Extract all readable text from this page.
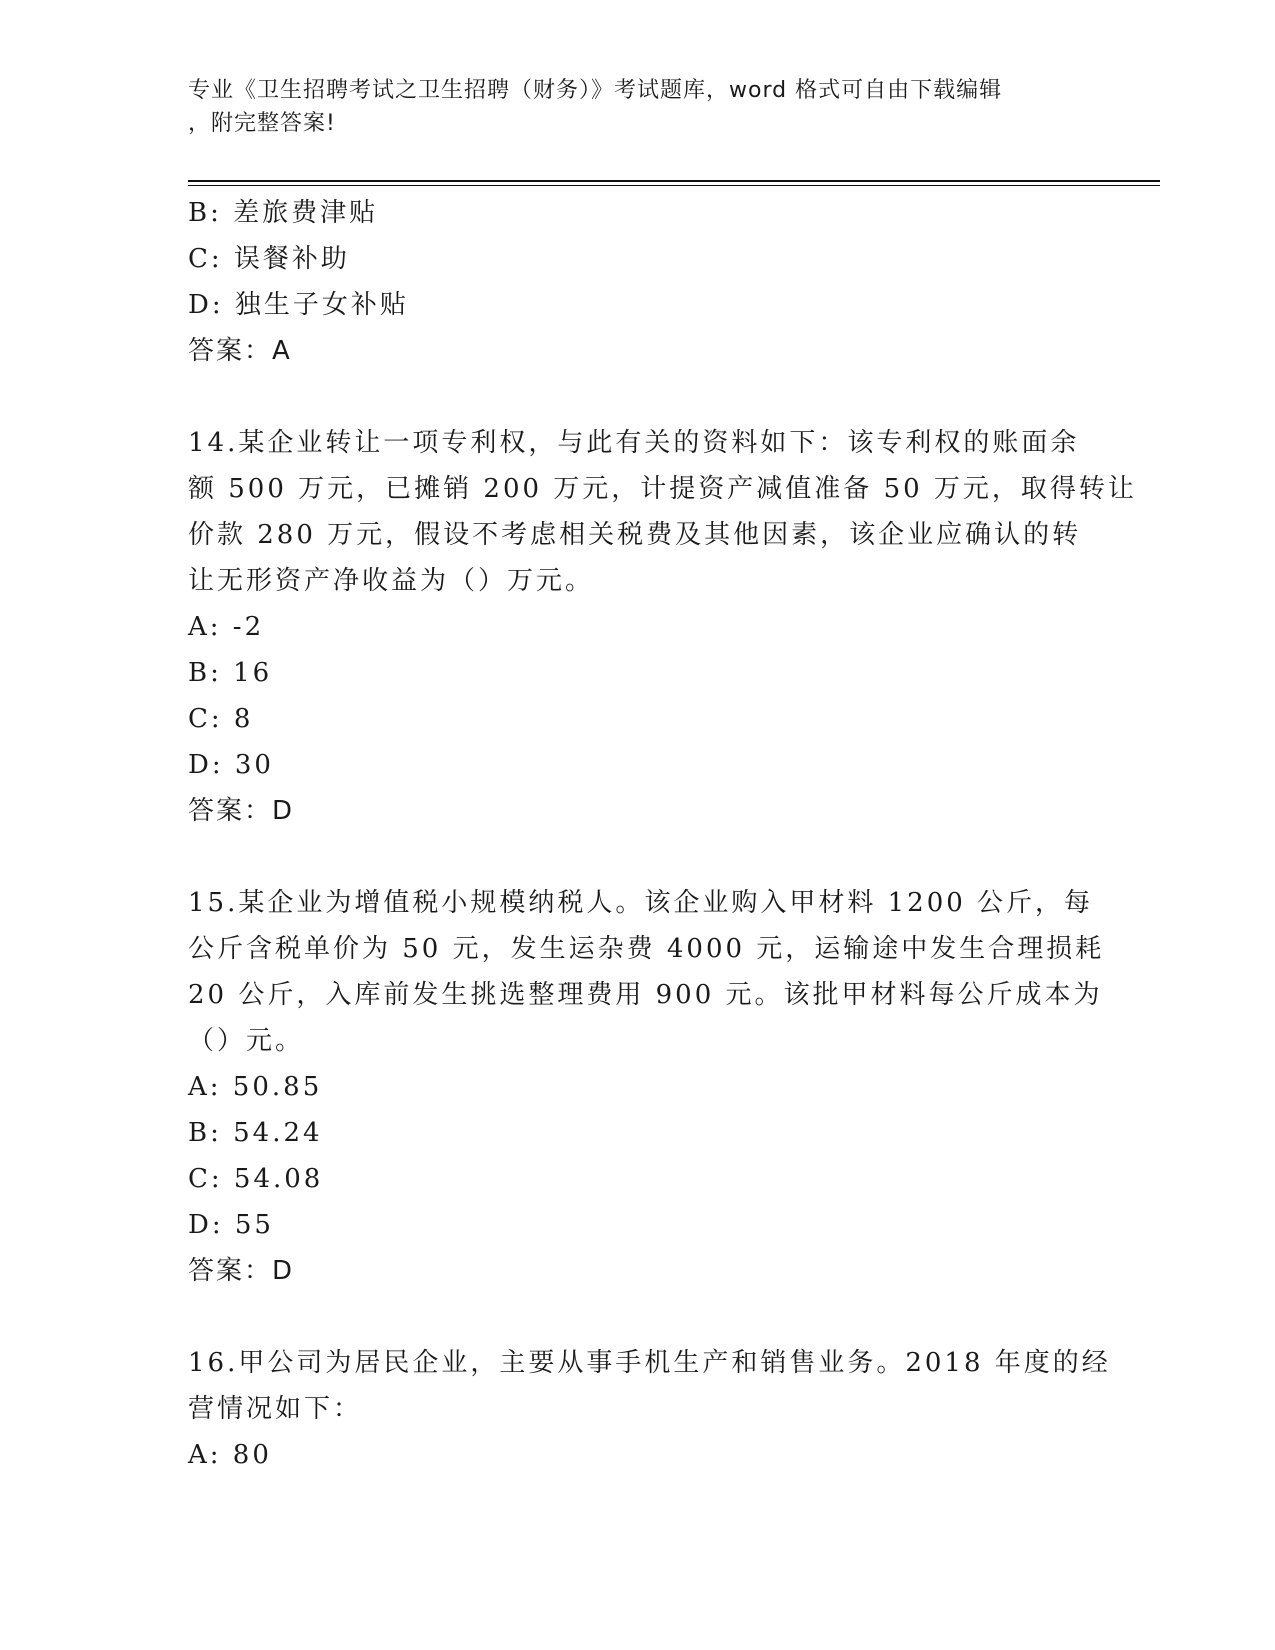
专业《卫生招聘考试之卫生招聘（财务）》考试题库，word 格式可自由下载编辑
，附完整答案!
B: 差旅费津贴
C: 误餐补助
D: 独生子女补贴
答案：A
14.某企业转让一项专利权，与此有关的资料如下：该专利权的账面余
额 500 万元，已摊销 200 万元，计提资产减值准备 50 万元，取得转让
价款 280 万元，假设不考虑相关税费及其他因素，该企业应确认的转
让无形资产净收益为（）万元。
A: -2
B: 16
C: 8
D: 30
答案：D
15.某企业为增值税小规模纳税人。该企业购入甲材料 1200 公斤，每
公斤含税单价为 50 元，发生运杂费 4000 元，运输途中发生合理损耗
20 公斤，入库前发生挑选整理费用 900 元。该批甲材料每公斤成本为
（）元。
A: 50.85
B: 54.24
C: 54.08
D: 55
答案：D
16.甲公司为居民企业，主要从事手机生产和销售业务。2018 年度的经
营情况如下：
A: 80
